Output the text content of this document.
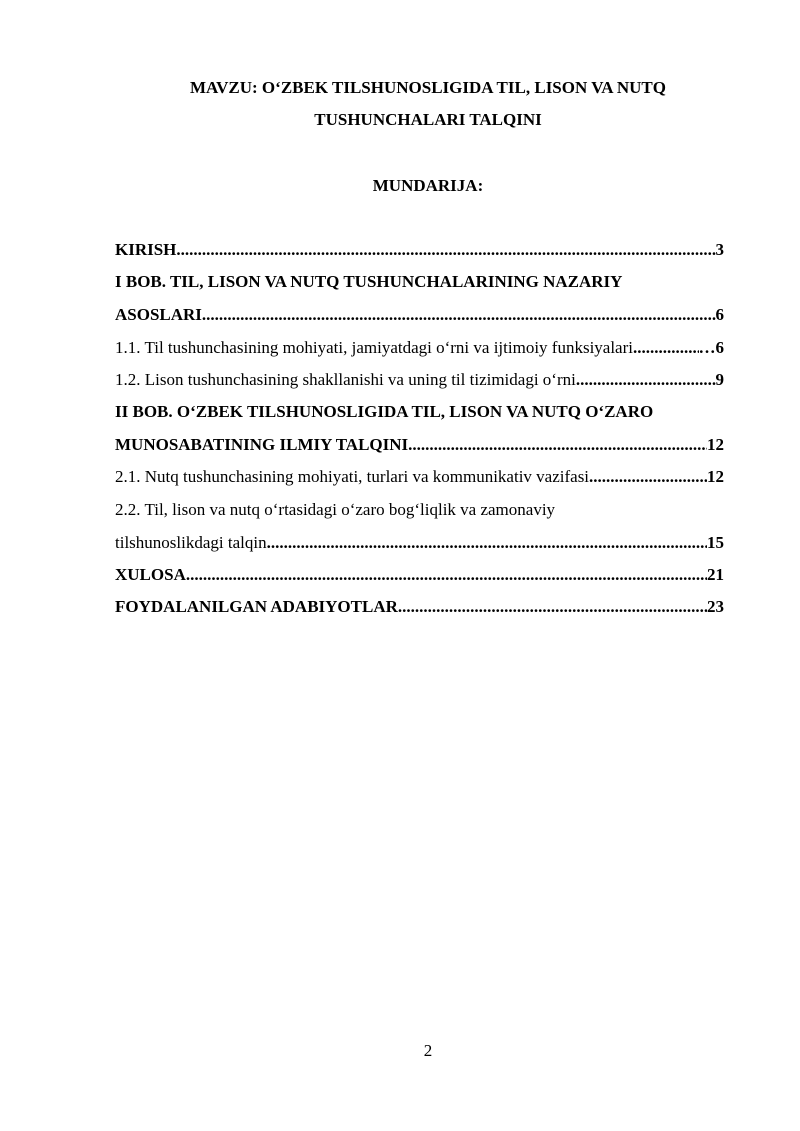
MAVZU: O‘ZBEK TILSHUNOSLIGIDA TIL, LISON VA NUTQ
TUSHUNCHALARI TALQINI
MUNDARIJA:
KIRISH .....	3
I BOB. TIL, LISON VA NUTQ TUSHUNCHALARINING NAZARIY
ASOSLARI .....	6
1.1. Til tushunchasining mohiyati, jamiyatdagi o‘rni va ijtimoiy funksiyalari .....	…6
1.2. Lison tushunchasining shakllanishi va uning til tizimidagi o‘rni .....	9
II BOB. O‘ZBEK TILSHUNOSLIGIDA TIL, LISON VA NUTQ O‘ZARO
MUNOSABATINING ILMIY TALQINI .....	12
2.1. Nutq tushunchasining mohiyati, turlari va kommunikativ vazifasi .....	12
2.2. Til, lison va nutq o‘rtasidagi o‘zaro bog‘liqlik va zamonaviy
tilshunoslikdagi talqin .....	15
XULOSA .....	21
FOYDALANILGAN ADABIYOTLAR .....	23
2
